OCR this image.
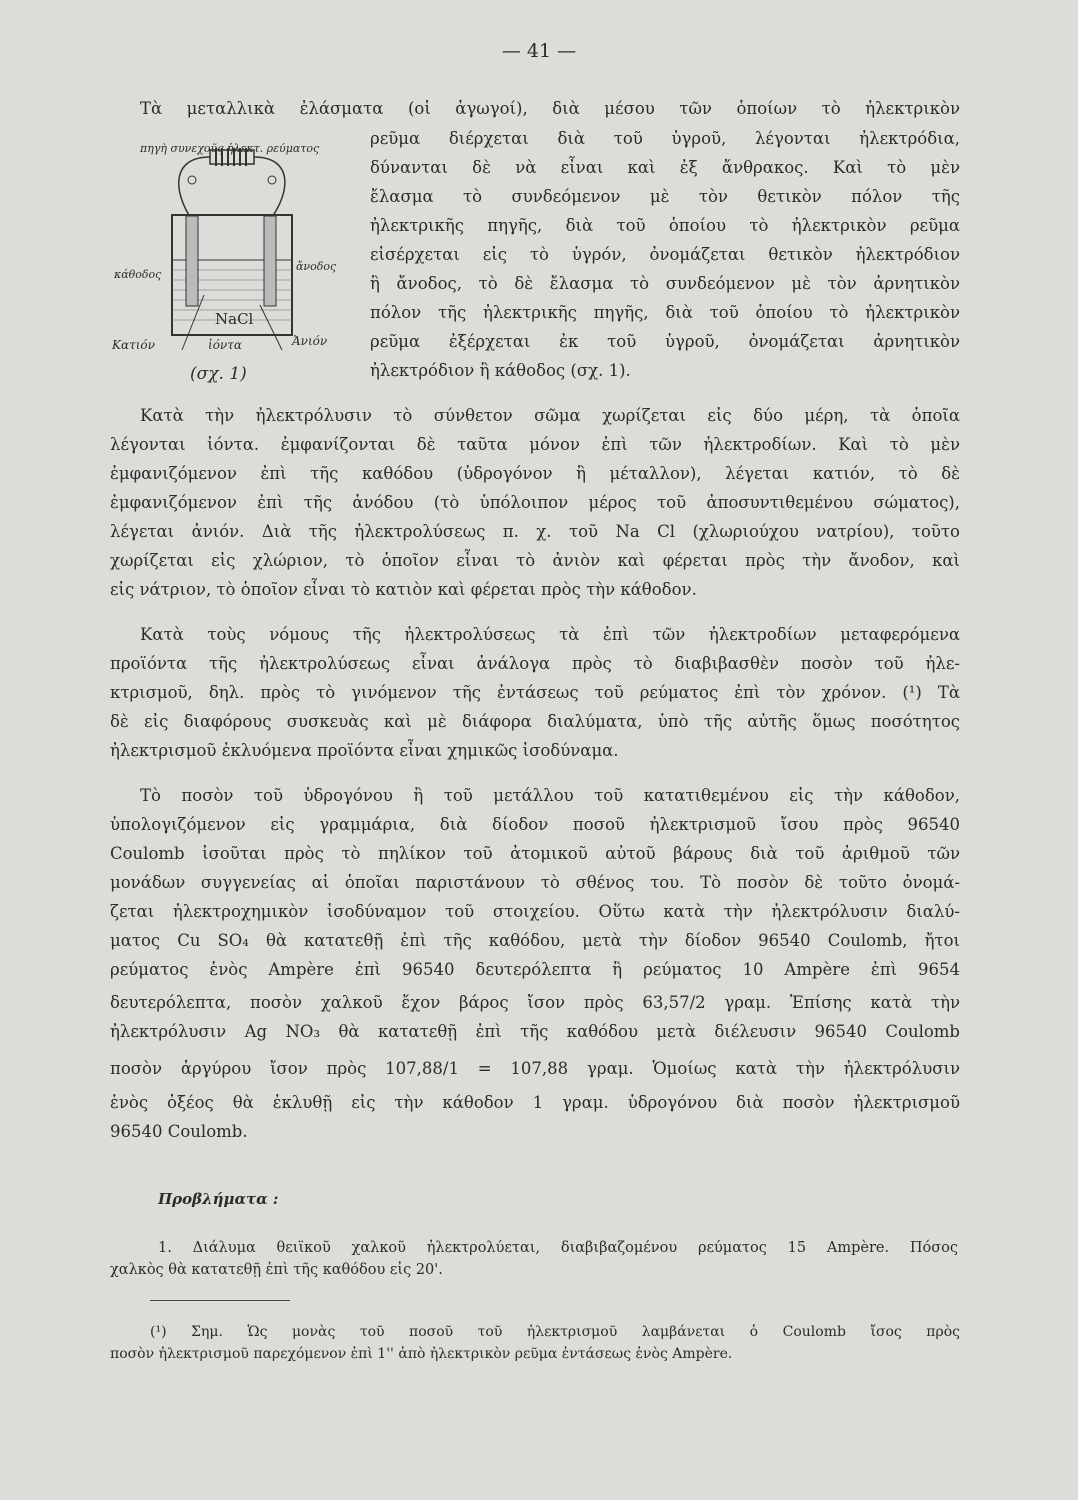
— 41 —
Τὰ μεταλλικὰ ἐλάσματα (οἱ ἀγωγοί), διὰ μέσου τῶν ὁποίων τὸ ἠλεκτρικὸν
πηγὴ συνεχοῦς ἠλεκτ. ρεύματος
κάθοδος
ἄνοδος
NaCl
Κατιόν	ἰόντα	Ἀνιόν
(σχ. 1)
ρεῦμα διέρχεται διὰ τοῦ ὑγροῦ, λέγονται ἠλεκτρόδια,
δύνανται δὲ νὰ εἶναι καὶ ἐξ ἄνθρακος. Καὶ τὸ μὲν
ἔλασμα τὸ συνδεόμενον μὲ τὸν θετικὸν πόλον τῆς
ἠλεκτρικῆς πηγῆς, διὰ τοῦ ὁποίου τὸ ἠλεκτρικὸν ρεῦμα
εἰσέρχεται εἰς τὸ ὑγρόν, ὀνομάζεται θετικὸν ἠλεκτρόδιον
ἢ ἄνοδος, τὸ δὲ ἔλασμα τὸ συνδεόμενον μὲ τὸν ἀρνητικὸν
πόλον τῆς ἠλεκτρικῆς πηγῆς, διὰ τοῦ ὁποίου τὸ ἠλεκτρικὸν
ρεῦμα ἐξέρχεται ἐκ τοῦ ὑγροῦ, ὀνομάζεται ἀρνητικὸν
ἠλεκτρόδιον ἢ κάθοδος (σχ. 1).
Κατὰ τὴν ἠλεκτρόλυσιν τὸ σύνθετον σῶμα χωρίζεται εἰς δύο μέρη, τὰ ὁποῖα
λέγονται ἰόντα. ἐμφανίζονται δὲ ταῦτα μόνον ἐπὶ τῶν ἠλεκτροδίων. Καὶ τὸ μὲν
ἐμφανιζόμενον ἐπὶ τῆς καθόδου (ὑδρογόνον ἢ μέταλλον), λέγεται κατιόν, τὸ δὲ
ἐμφανιζόμενον ἐπὶ τῆς ἀνόδου (τὸ ὑπόλοιπον μέρος τοῦ ἀποσυντιθεμένου σώματος),
λέγεται ἀνιόν. Διὰ τῆς ἠλεκτρολύσεως π. χ. τοῦ Na Cl (χλωριούχου νατρίου), τοῦτο
χωρίζεται εἰς χλώριον, τὸ ὁποῖον εἶναι τὸ ἀνιὸν καὶ φέρεται πρὸς τὴν ἄνοδον, καὶ
εἰς νάτριον, τὸ ὁποῖον εἶναι τὸ κατιὸν καὶ φέρεται πρὸς τὴν κάθοδον.
Κατὰ τοὺς νόμους τῆς ἠλεκτρολύσεως τὰ ἐπὶ τῶν ἠλεκτροδίων μεταφερόμενα
προϊόντα τῆς ἠλεκτρολύσεως εἶναι ἀνάλογα πρὸς τὸ διαβιβασθὲν ποσὸν τοῦ ἠλε-
κτρισμοῦ, δηλ. πρὸς τὸ γινόμενον τῆς ἐντάσεως τοῦ ρεύματος ἐπὶ τὸν χρόνον. (¹) Τὰ
δὲ εἰς διαφόρους συσκευὰς καὶ μὲ διάφορα διαλύματα, ὑπὸ τῆς αὐτῆς ὅμως ποσότητος
ἠλεκτρισμοῦ ἐκλυόμενα προϊόντα εἶναι χημικῶς ἰσοδύναμα.
Τὸ ποσὸν τοῦ ὑδρογόνου ἢ τοῦ μετάλλου τοῦ κατατιθεμένου εἰς τὴν κάθοδον,
ὑπολογιζόμενον εἰς γραμμάρια, διὰ δίοδον ποσοῦ ἠλεκτρισμοῦ ἴσου πρὸς 96540
Coulomb ἰσοῦται πρὸς τὸ πηλίκον τοῦ ἀτομικοῦ αὐτοῦ βάρους διὰ τοῦ ἀριθμοῦ τῶν
μονάδων συγγενείας αἱ ὁποῖαι παριστάνουν τὸ σθένος του. Τὸ ποσὸν δὲ τοῦτο ὀνομά-
ζεται ἠλεκτροχημικὸν ἰσοδύναμον τοῦ στοιχείου. Οὕτω κατὰ τὴν ἠλεκτρόλυσιν διαλύ-
ματος Cu SO₄ θὰ κατατεθῇ ἐπὶ τῆς καθόδου, μετὰ τὴν δίοδον 96540 Coulomb, ἤτοι
ρεύματος ἑνὸς Ampère ἐπὶ 96540 δευτερόλεπτα ἢ ρεύματος 10 Ampère ἐπὶ 9654
δευτερόλεπτα, ποσὸν χαλκοῦ ἔχον βάρος ἴσον πρὸς 63,57/2 γραμ. Ἐπίσης κατὰ τὴν
ἠλεκτρόλυσιν Ag NO₃ θὰ κατατεθῇ ἐπὶ τῆς καθόδου μετὰ διέλευσιν 96540 Coulomb
ποσὸν ἀργύρου ἴσον πρὸς 107,88/1 = 107,88 γραμ. Ὁμοίως κατὰ τὴν ἠλεκτρόλυσιν
ἑνὸς ὀξέος θὰ ἐκλυθῇ εἰς τὴν κάθοδον 1 γραμ. ὑδρογόνου διὰ ποσὸν ἠλεκτρισμοῦ
96540 Coulomb.
Προβλήματα :
1. Διάλυμα θειϊκοῦ χαλκοῦ ἠλεκτρολύεται, διαβιβαζομένου ρεύματος 15 Ampère. Πόσος
χαλκὸς θὰ κατατεθῇ ἐπὶ τῆς καθόδου εἰς 20'.
(¹) Σημ. Ὡς μονὰς τοῦ ποσοῦ τοῦ ἠλεκτρισμοῦ λαμβάνεται ὁ Coulomb ἴσος πρὸς
ποσὸν ἠλεκτρισμοῦ παρεχόμενον ἐπὶ 1'' ἀπὸ ἠλεκτρικὸν ρεῦμα ἐντάσεως ἑνὸς Ampère.
